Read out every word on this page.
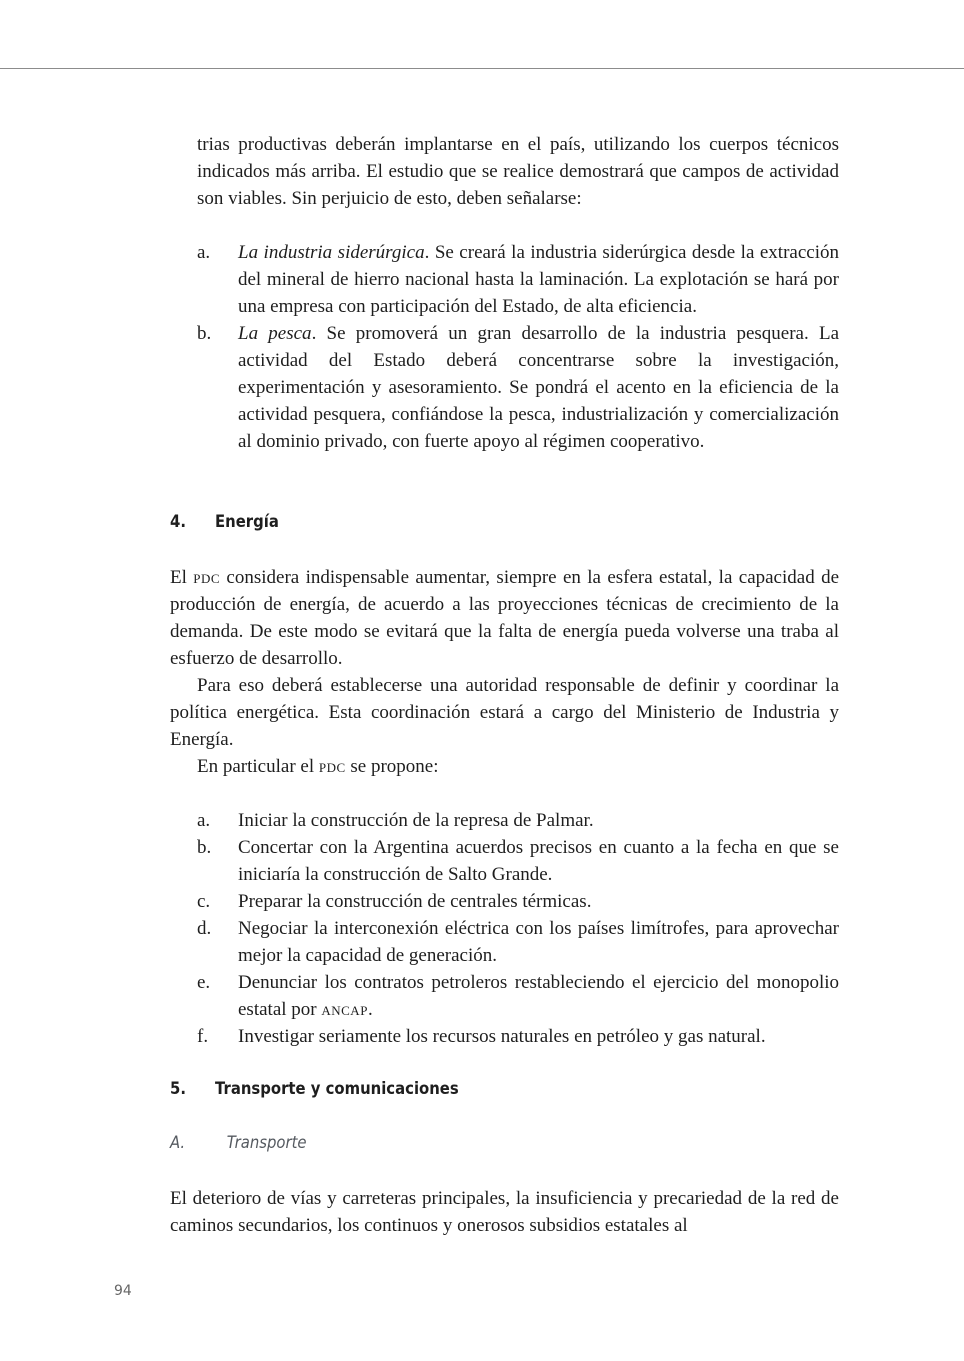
trias productivas deberán implantarse en el país, utilizando los cuerpos técnicos indicados más arriba. El estudio que se realice demostrará que campos de actividad son viables. Sin perjuicio de esto, deben señalarse:

a. La industria siderúrgica. Se creará la industria siderúrgica desde la extracción del mineral de hierro nacional hasta la laminación. La explotación se hará por una empresa con participación del Estado, de alta eficiencia.
b. La pesca. Se promoverá un gran desarrollo de la industria pesquera. La actividad del Estado deberá concentrarse sobre la investigación, experimentación y asesoramiento. Se pondrá el acento en la eficiencia de la actividad pesquera, confiándose la pesca, industrialización y comercialización al dominio privado, con fuerte apoyo al régimen cooperativo.
4. Energía

El pdc considera indispensable aumentar, siempre en la esfera estatal, la capacidad de producción de energía, de acuerdo a las proyecciones técnicas de crecimiento de la demanda. De este modo se evitará que la falta de energía pueda volverse una traba al esfuerzo de desarrollo.

Para eso deberá establecerse una autoridad responsable de definir y coordinar la política energética. Esta coordinación estará a cargo del Ministerio de Industria y Energía.

En particular el pdc se propone:

a. Iniciar la construcción de la represa de Palmar.
b. Concertar con la Argentina acuerdos precisos en cuanto a la fecha en que se iniciaría la construcción de Salto Grande.
c. Preparar la construcción de centrales térmicas.
d. Negociar la interconexión eléctrica con los países limítrofes, para aprovechar mejor la capacidad de generación.
e. Denunciar los contratos petroleros restableciendo el ejercicio del monopolio estatal por ancap.
f. Investigar seriamente los recursos naturales en petróleo y gas natural.
5. Transporte y comunicaciones
A.	Transporte

El deterioro de vías y carreteras principales, la insuficiencia y precariedad de la red de caminos secundarios, los continuos y onerosos subsidios estatales al

94
